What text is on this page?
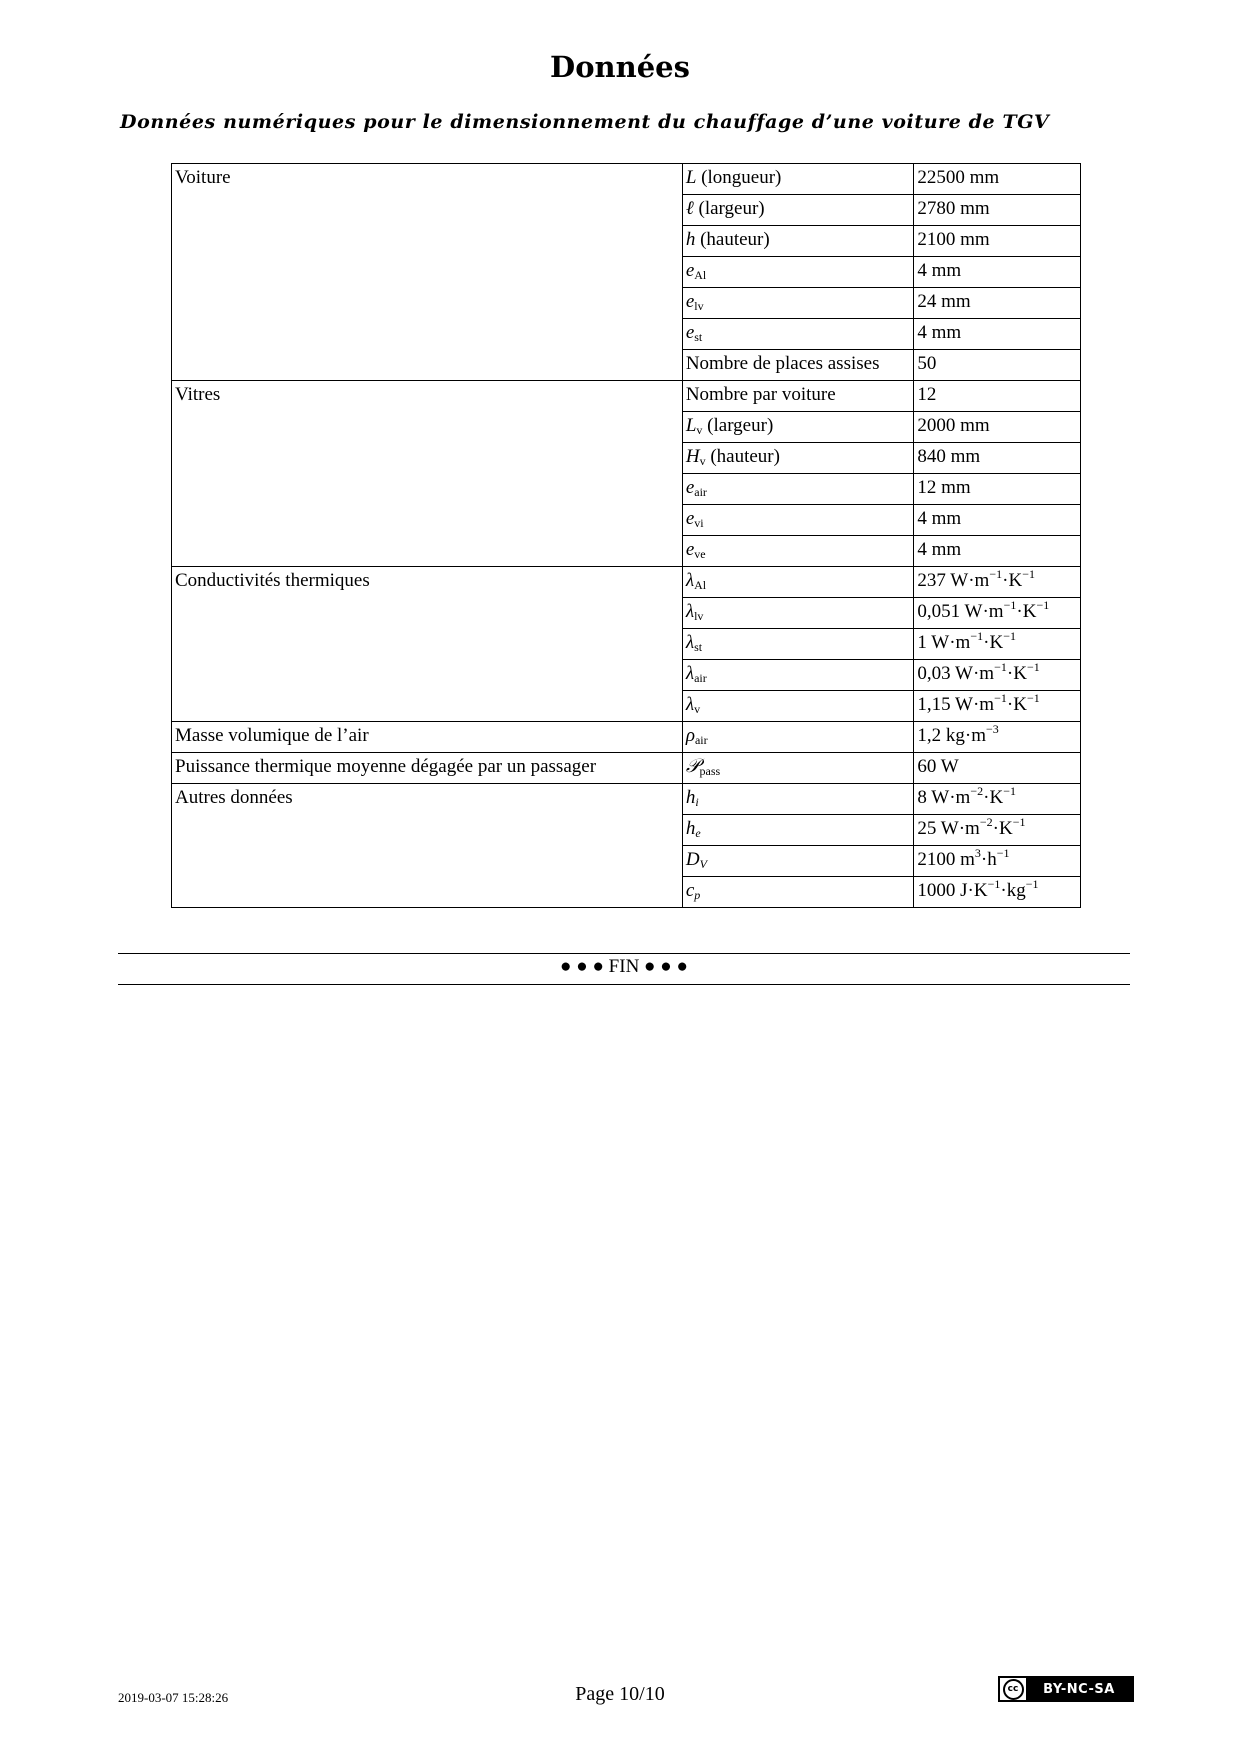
Données

Données numériques pour le dimensionnement du chauffage d’une voiture de TGV

Voiture	L (longueur)	22500 mm
	ℓ (largeur)	2780 mm
	h (hauteur)	2100 mm
	$e_{Al}$	4 mm
	$e_{lv}$	24 mm
	$e_{st}$	4 mm
	Nombre de places assises	50
Vitres	Nombre par voiture	12
	$L_v$ (largeur)	2000 mm
	$H_v$ (hauteur)	840 mm
	$e_{air}$	12 mm
	$e_{vi}$	4 mm
	$e_{ve}$	4 mm
Conductivités thermiques	$\lambda_{Al}$	237 $W\cdot m^{-1}\cdot K^{-1}$
	$\lambda_{lv}$	0,051 $W\cdot m^{-1}\cdot K^{-1}$
	$\lambda_{st}$	1 $W\cdot m^{-1}\cdot K^{-1}$
	$\lambda_{air}$	0,03 $W\cdot m^{-1}\cdot K^{-1}$
	$\lambda_v$	1,15 $W\cdot m^{-1}\cdot K^{-1}$
Masse volumique de l’air	$\rho_{air}$	1,2 $kg\cdot m^{-3}$
Puissance thermique moyenne dégagée par un passager	𝒫$_{pass}$	60 W
Autres données	$h_i$	8 $W\cdot m^{-2}\cdot K^{-1}$
	$h_e$	25 $W\cdot m^{-2}\cdot K^{-1}$
	$D_V$	2100 $m^3\cdot h^{-1}$
	$c_p$	1000 $J\cdot K^{-1}\cdot kg^{-1}$
● ● ● FIN ● ● ●
2019-03-07 15:28:26	Page 10/10	cc	BY-NC-SA
